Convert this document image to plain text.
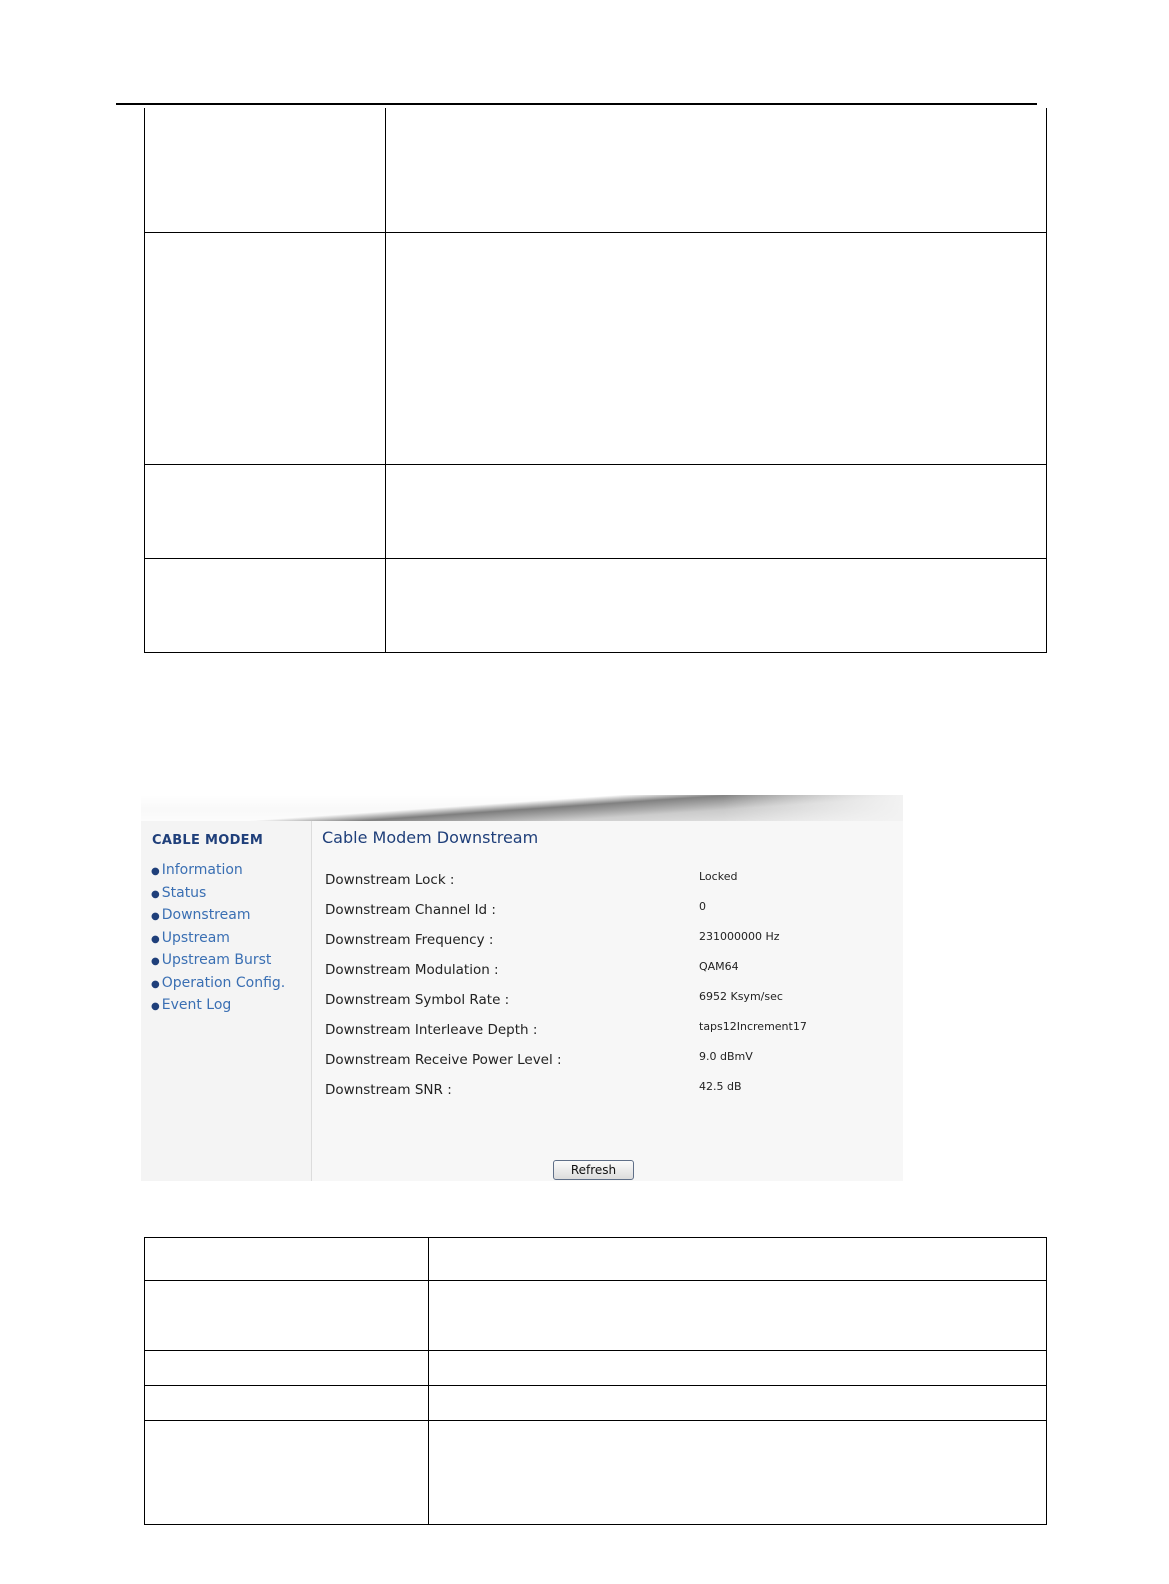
CABLE MODEM
● Information
● Status
● Downstream
● Upstream
● Upstream Burst
● Operation Config.
● Event Log
Cable Modem Downstream
Downstream Lock :	Locked
Downstream Channel Id :	0
Downstream Frequency :	231000000 Hz
Downstream Modulation :	QAM64
Downstream Symbol Rate :	6952 Ksym/sec
Downstream Interleave Depth :	taps12Increment17
Downstream Receive Power Level :	9.0 dBmV
Downstream SNR :	42.5 dB
Refresh
